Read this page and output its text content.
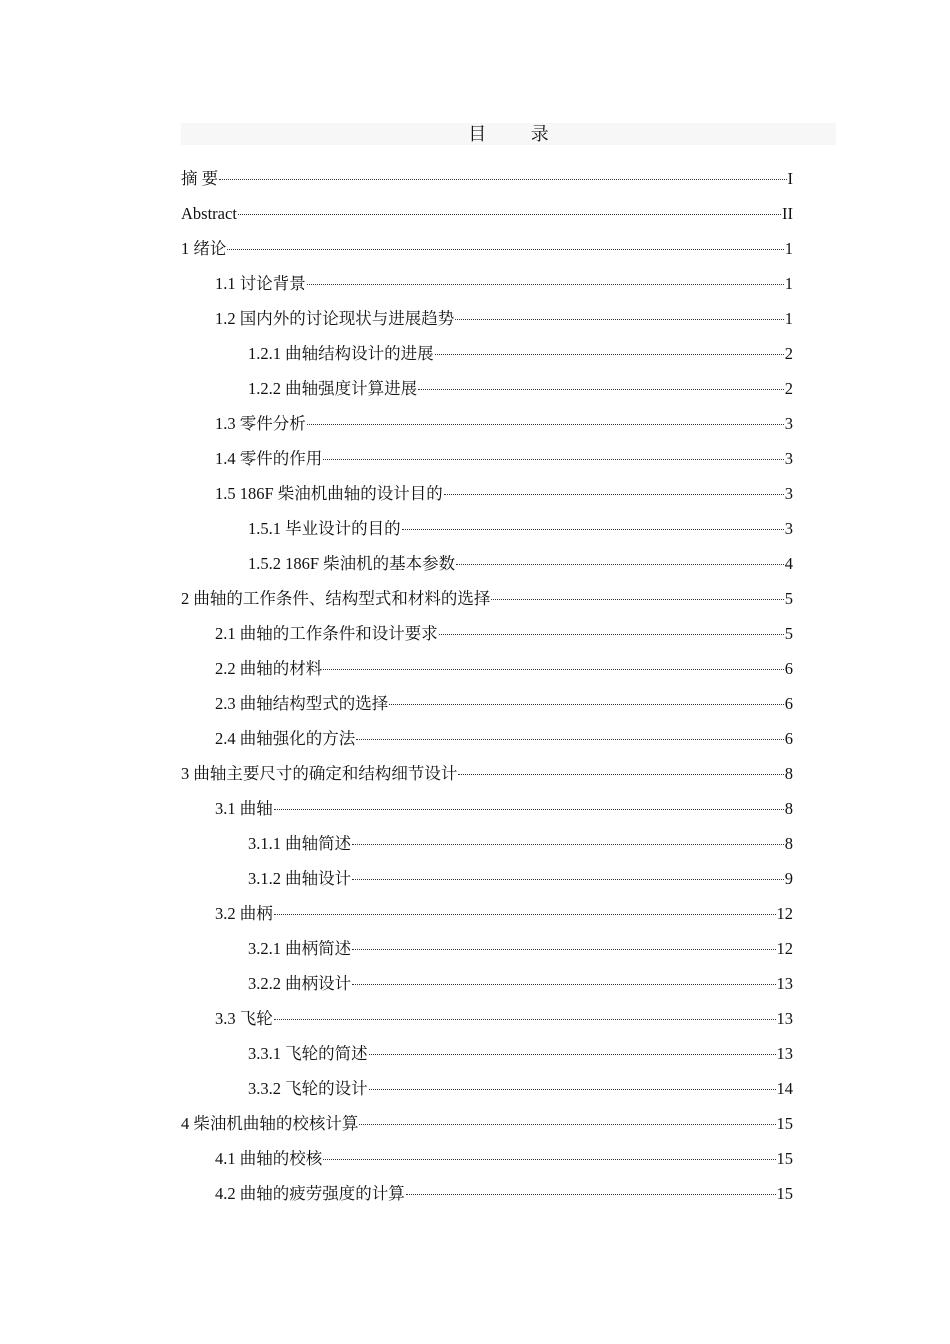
目 录
摘 要	I
Abstract	II
1 绪论	1
1.1 讨论背景	1
1.2 国内外的讨论现状与进展趋势	1
1.2.1 曲轴结构设计的进展	2
1.2.2 曲轴强度计算进展	2
1.3 零件分析	3
1.4 零件的作用	3
1.5 186F 柴油机曲轴的设计目的	3
1.5.1 毕业设计的目的	3
1.5.2 186F 柴油机的基本参数	4
2 曲轴的工作条件、结构型式和材料的选择	5
2.1 曲轴的工作条件和设计要求	5
2.2 曲轴的材料	6
2.3 曲轴结构型式的选择	6
2.4 曲轴强化的方法	6
3 曲轴主要尺寸的确定和结构细节设计	8
3.1 曲轴	8
3.1.1 曲轴简述	8
3.1.2 曲轴设计	9
3.2 曲柄	12
3.2.1 曲柄简述	12
3.2.2 曲柄设计	13
3.3 飞轮	13
3.3.1 飞轮的简述	13
3.3.2 飞轮的设计	14
4 柴油机曲轴的校核计算	15
4.1 曲轴的校核	15
4.2 曲轴的疲劳强度的计算	15
